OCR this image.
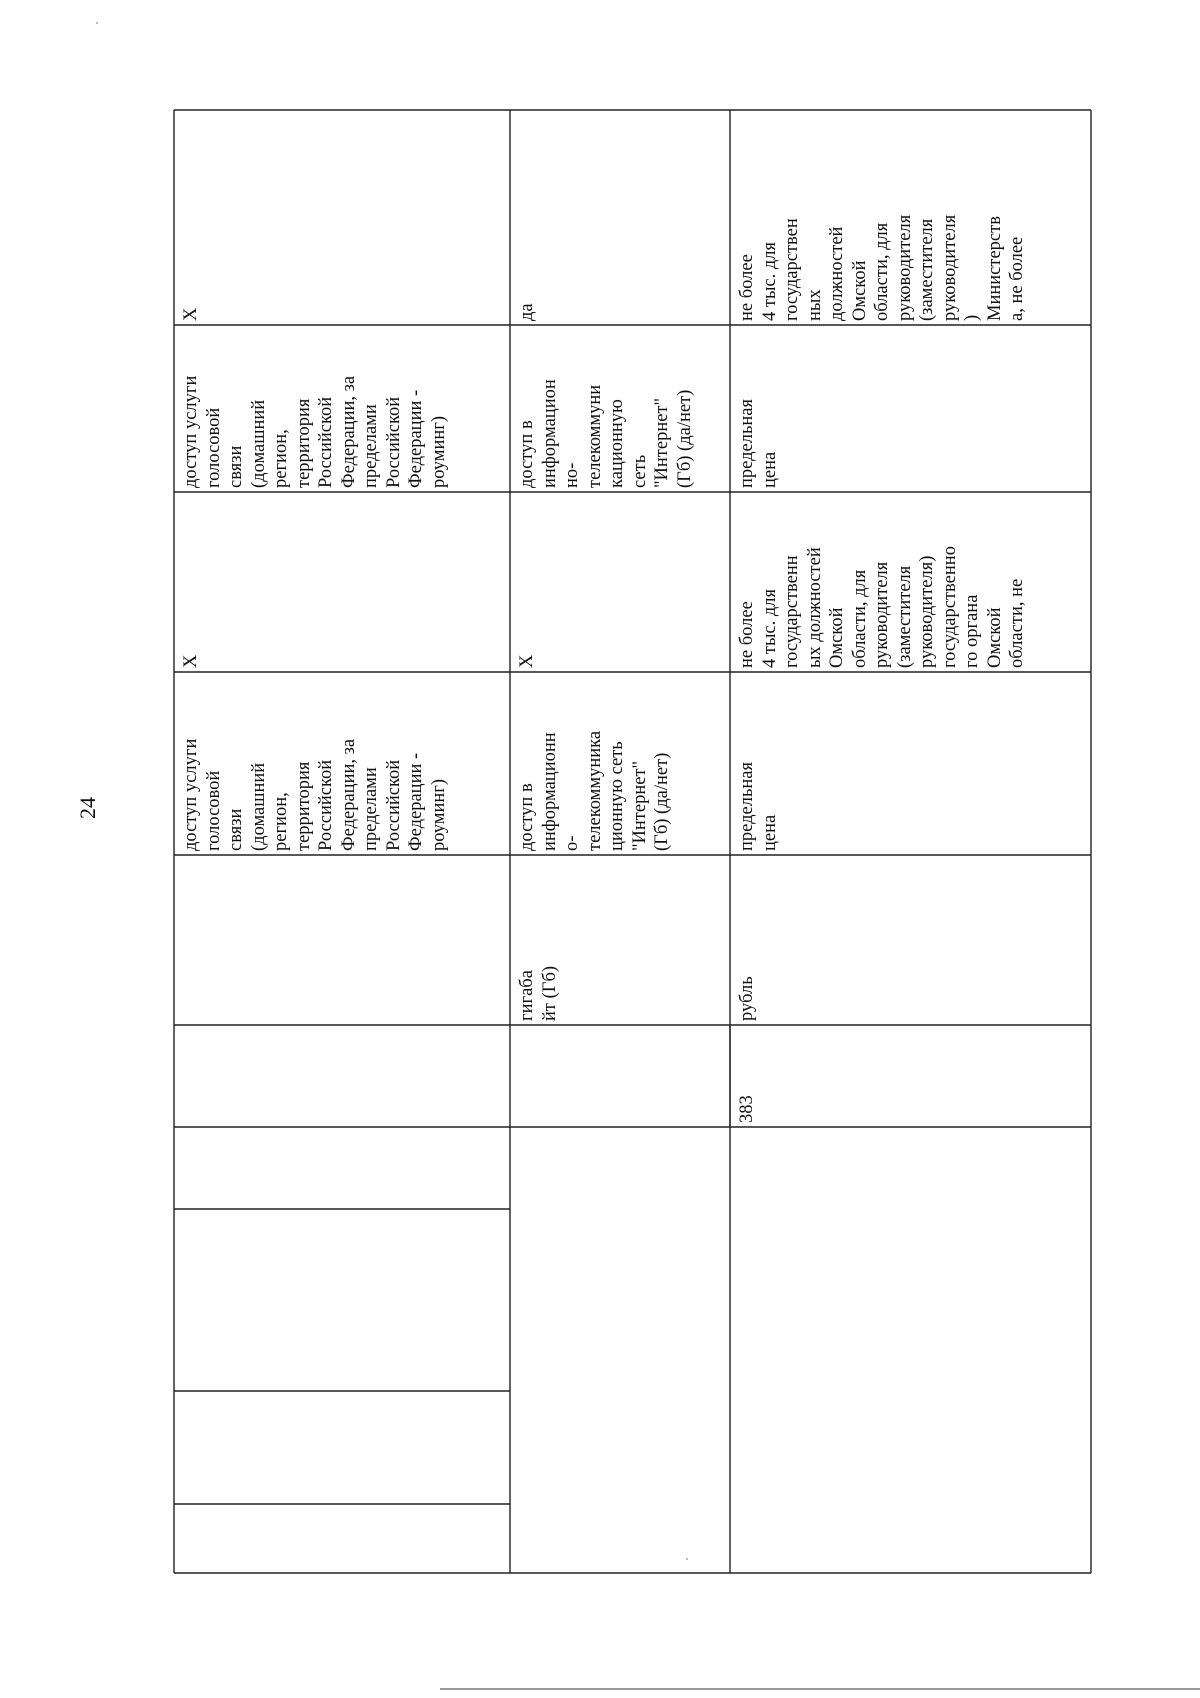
24
X
доступ услуги
голосовой
связи
(домашний
регион,
территория
Российской
Федерации, за
пределами
Российской
Федерации -
роуминг)
X
доступ услуги
голосовой
связи
(домашний
регион,
территория
Российской
Федерации, за
пределами
Российской
Федерации -
роуминг)
да
доступ в
информацион
но-
телекоммуни
кационную
сеть
"Интернет"
(Гб) (да/нет)
X
доступ в
информационн
о-
телекоммуника
ционную сеть
"Интернет"
(Гб) (да/нет)
гигаба
йт (Гб)
не более
4 тыс. для
государствен
ных
должностей
Омской
области, для
руководителя
(заместителя
руководителя
)
Министерств
а, не более
предельная
цена
не более
4 тыс. для
государственн
ых должностей
Омской
области, для
руководителя
(заместителя
руководителя)
государственно
го органа
Омской
области, не
предельная
цена
рубль
383
